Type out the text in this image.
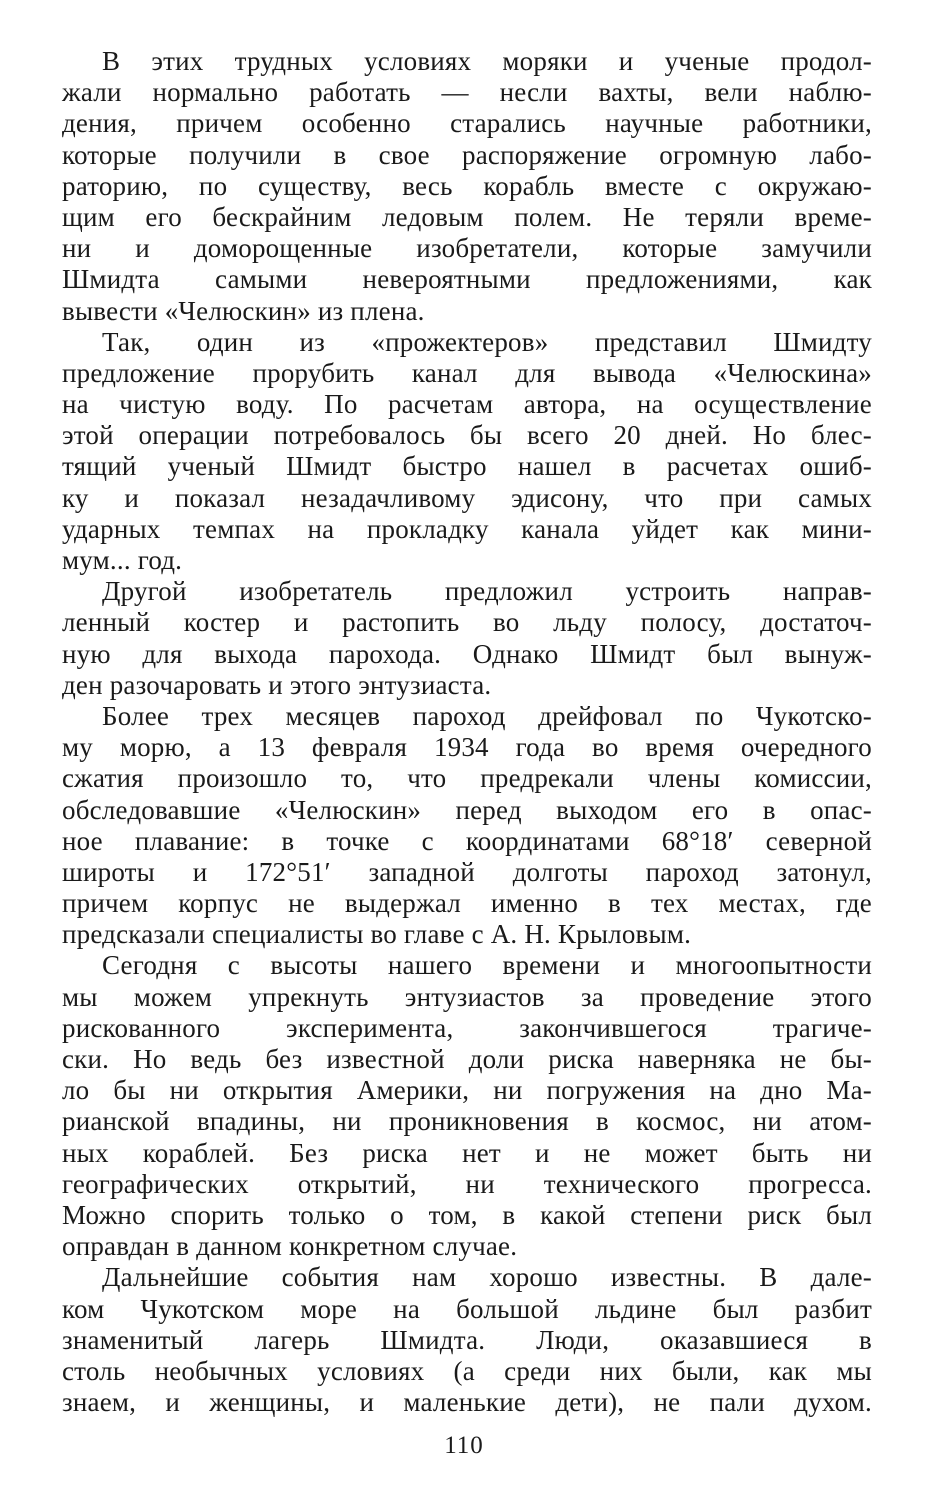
В этих трудных условиях моряки и ученые продол-
жали нормально работать — несли вахты, вели наблю-
дения, причем особенно старались научные работники,
которые получили в свое распоряжение огромную лабо-
раторию, по существу, весь корабль вместе с окружаю-
щим его бескрайним ледовым полем. Не теряли време-
ни и доморощенные изобретатели, которые замучили
Шмидта самыми невероятными предложениями, как
вывести «Челюскин» из плена.
Так, один из «прожектеров» представил Шмидту
предложение прорубить канал для вывода «Челюскина»
на чистую воду. По расчетам автора, на осуществление
этой операции потребовалось бы всего 20 дней. Но блес-
тящий ученый Шмидт быстро нашел в расчетах ошиб-
ку и показал незадачливому эдисону, что при самых
ударных темпах на прокладку канала уйдет как мини-
мум... год.
Другой изобретатель предложил устроить направ-
ленный костер и растопить во льду полосу, достаточ-
ную для выхода парохода. Однако Шмидт был вынуж-
ден разочаровать и этого энтузиаста.
Более трех месяцев пароход дрейфовал по Чукотско-
му морю, а 13 февраля 1934 года во время очередного
сжатия произошло то, что предрекали члены комиссии,
обследовавшие «Челюскин» перед выходом его в опас-
ное плавание: в точке с координатами 68°18′ северной
широты и 172°51′ западной долготы пароход затонул,
причем корпус не выдержал именно в тех местах, где
предсказали специалисты во главе с А. Н. Крыловым.
Сегодня с высоты нашего времени и многоопытности
мы можем упрекнуть энтузиастов за проведение этого
рискованного эксперимента, закончившегося трагиче-
ски. Но ведь без известной доли риска наверняка не бы-
ло бы ни открытия Америки, ни погружения на дно Ма-
рианской впадины, ни проникновения в космос, ни атом-
ных кораблей. Без риска нет и не может быть ни
географических открытий, ни технического прогресса.
Можно спорить только о том, в какой степени риск был
оправдан в данном конкретном случае.
Дальнейшие события нам хорошо известны. В дале-
ком Чукотском море на большой льдине был разбит
знаменитый лагерь Шмидта. Люди, оказавшиеся в
столь необычных условиях (а среди них были, как мы
знаем, и женщины, и маленькие дети), не пали духом.
110
